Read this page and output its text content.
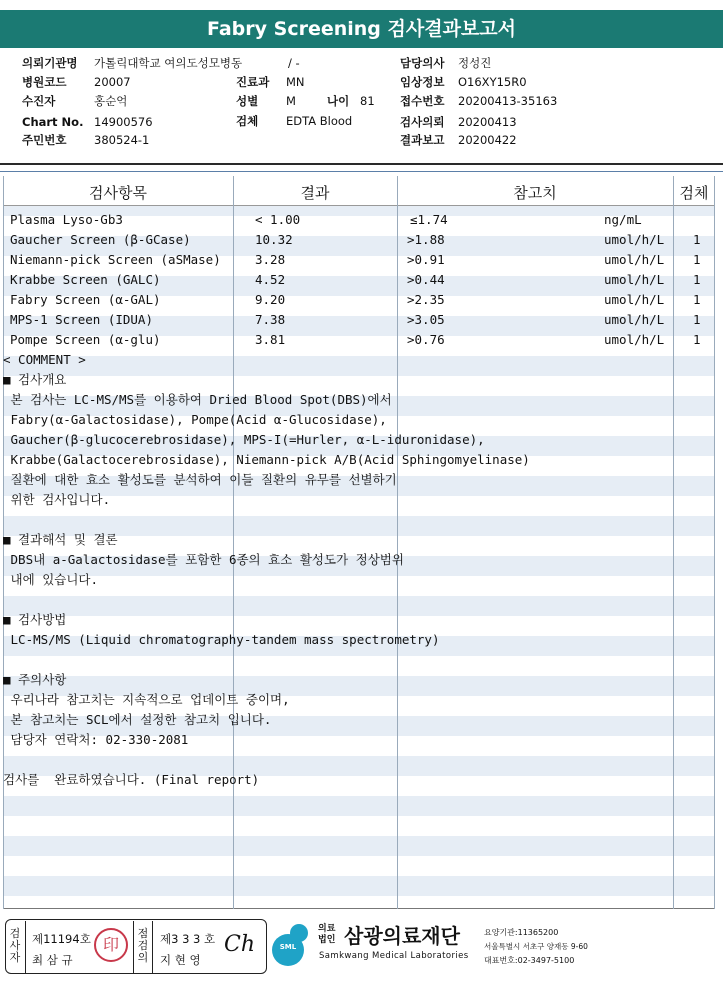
Fabry Screening 검사결과보고서
의뢰기관명 가톨릭대학교 여의도성모병동	/ -
병원코드 20007
수진자	홍순억
Chart No. 14900576
주민번호 380524-1
진료과 MN
성별 M	나이 81
검체 EDTA Blood
담당의사 정성진
임상정보 O16XY15R0
접수번호 20200413-35163
검사의뢰 20200413
결과보고 20200422
검사항목	결과	참고치	검체
Plasma Lyso-Gb3	< 1.00	≤1.74	ng/mL
Gaucher Screen (β-GCase)	10.32	>1.88	umol/h/L 1
Niemann-pick Screen (aSMase)	3.28	>0.91	umol/h/L 1
Krabbe Screen (GALC)	4.52	>0.44	umol/h/L 1
Fabry Screen (α-GAL)	9.20	>2.35	umol/h/L 1
MPS-1 Screen (IDUA)	7.38	>3.05	umol/h/L 1
Pompe Screen (α-glu)	3.81	>0.76	umol/h/L 1
< COMMENT >
■ 검사개요
본 검사는 LC-MS/MS를 이용하여 Dried Blood Spot(DBS)에서
Fabry(α-Galactosidase), Pompe(Acid α-Glucosidase),
Gaucher(β-glucocerebrosidase), MPS-I(=Hurler, α-L-iduronidase),
Krabbe(Galactocerebrosidase), Niemann-pick A/B(Acid Sphingomyelinase)
질환에 대한 효소 활성도를 분석하여 이들 질환의 유무를 선별하기
위한 검사입니다.
■ 결과해석 및 결론
DBS내 a-Galactosidase를 포함한 6종의 효소 활성도가 정상범위
내에 있습니다.
■ 검사방법
LC-MS/MS (Liquid chromatography-tandem mass spectrometry)
■ 주의사항
우리나라 참고치는 지속적으로 업데이트 중이며,
본 참고치는 SCL에서 설정한 참고치 입니다.
담당자 연락처: 02-330-2081
검사를  완료하였습니다. (Final report)
검사자
제11194호
최 삼 규
印
점검의
제3 3 3 호
지 현 영
Ch	SML
의료법인 삼광의료재단
Samkwang Medical Laboratories
요양기관:11365200
서울특별시 서초구 양재동 9-60
대표번호:02-3497-5100
